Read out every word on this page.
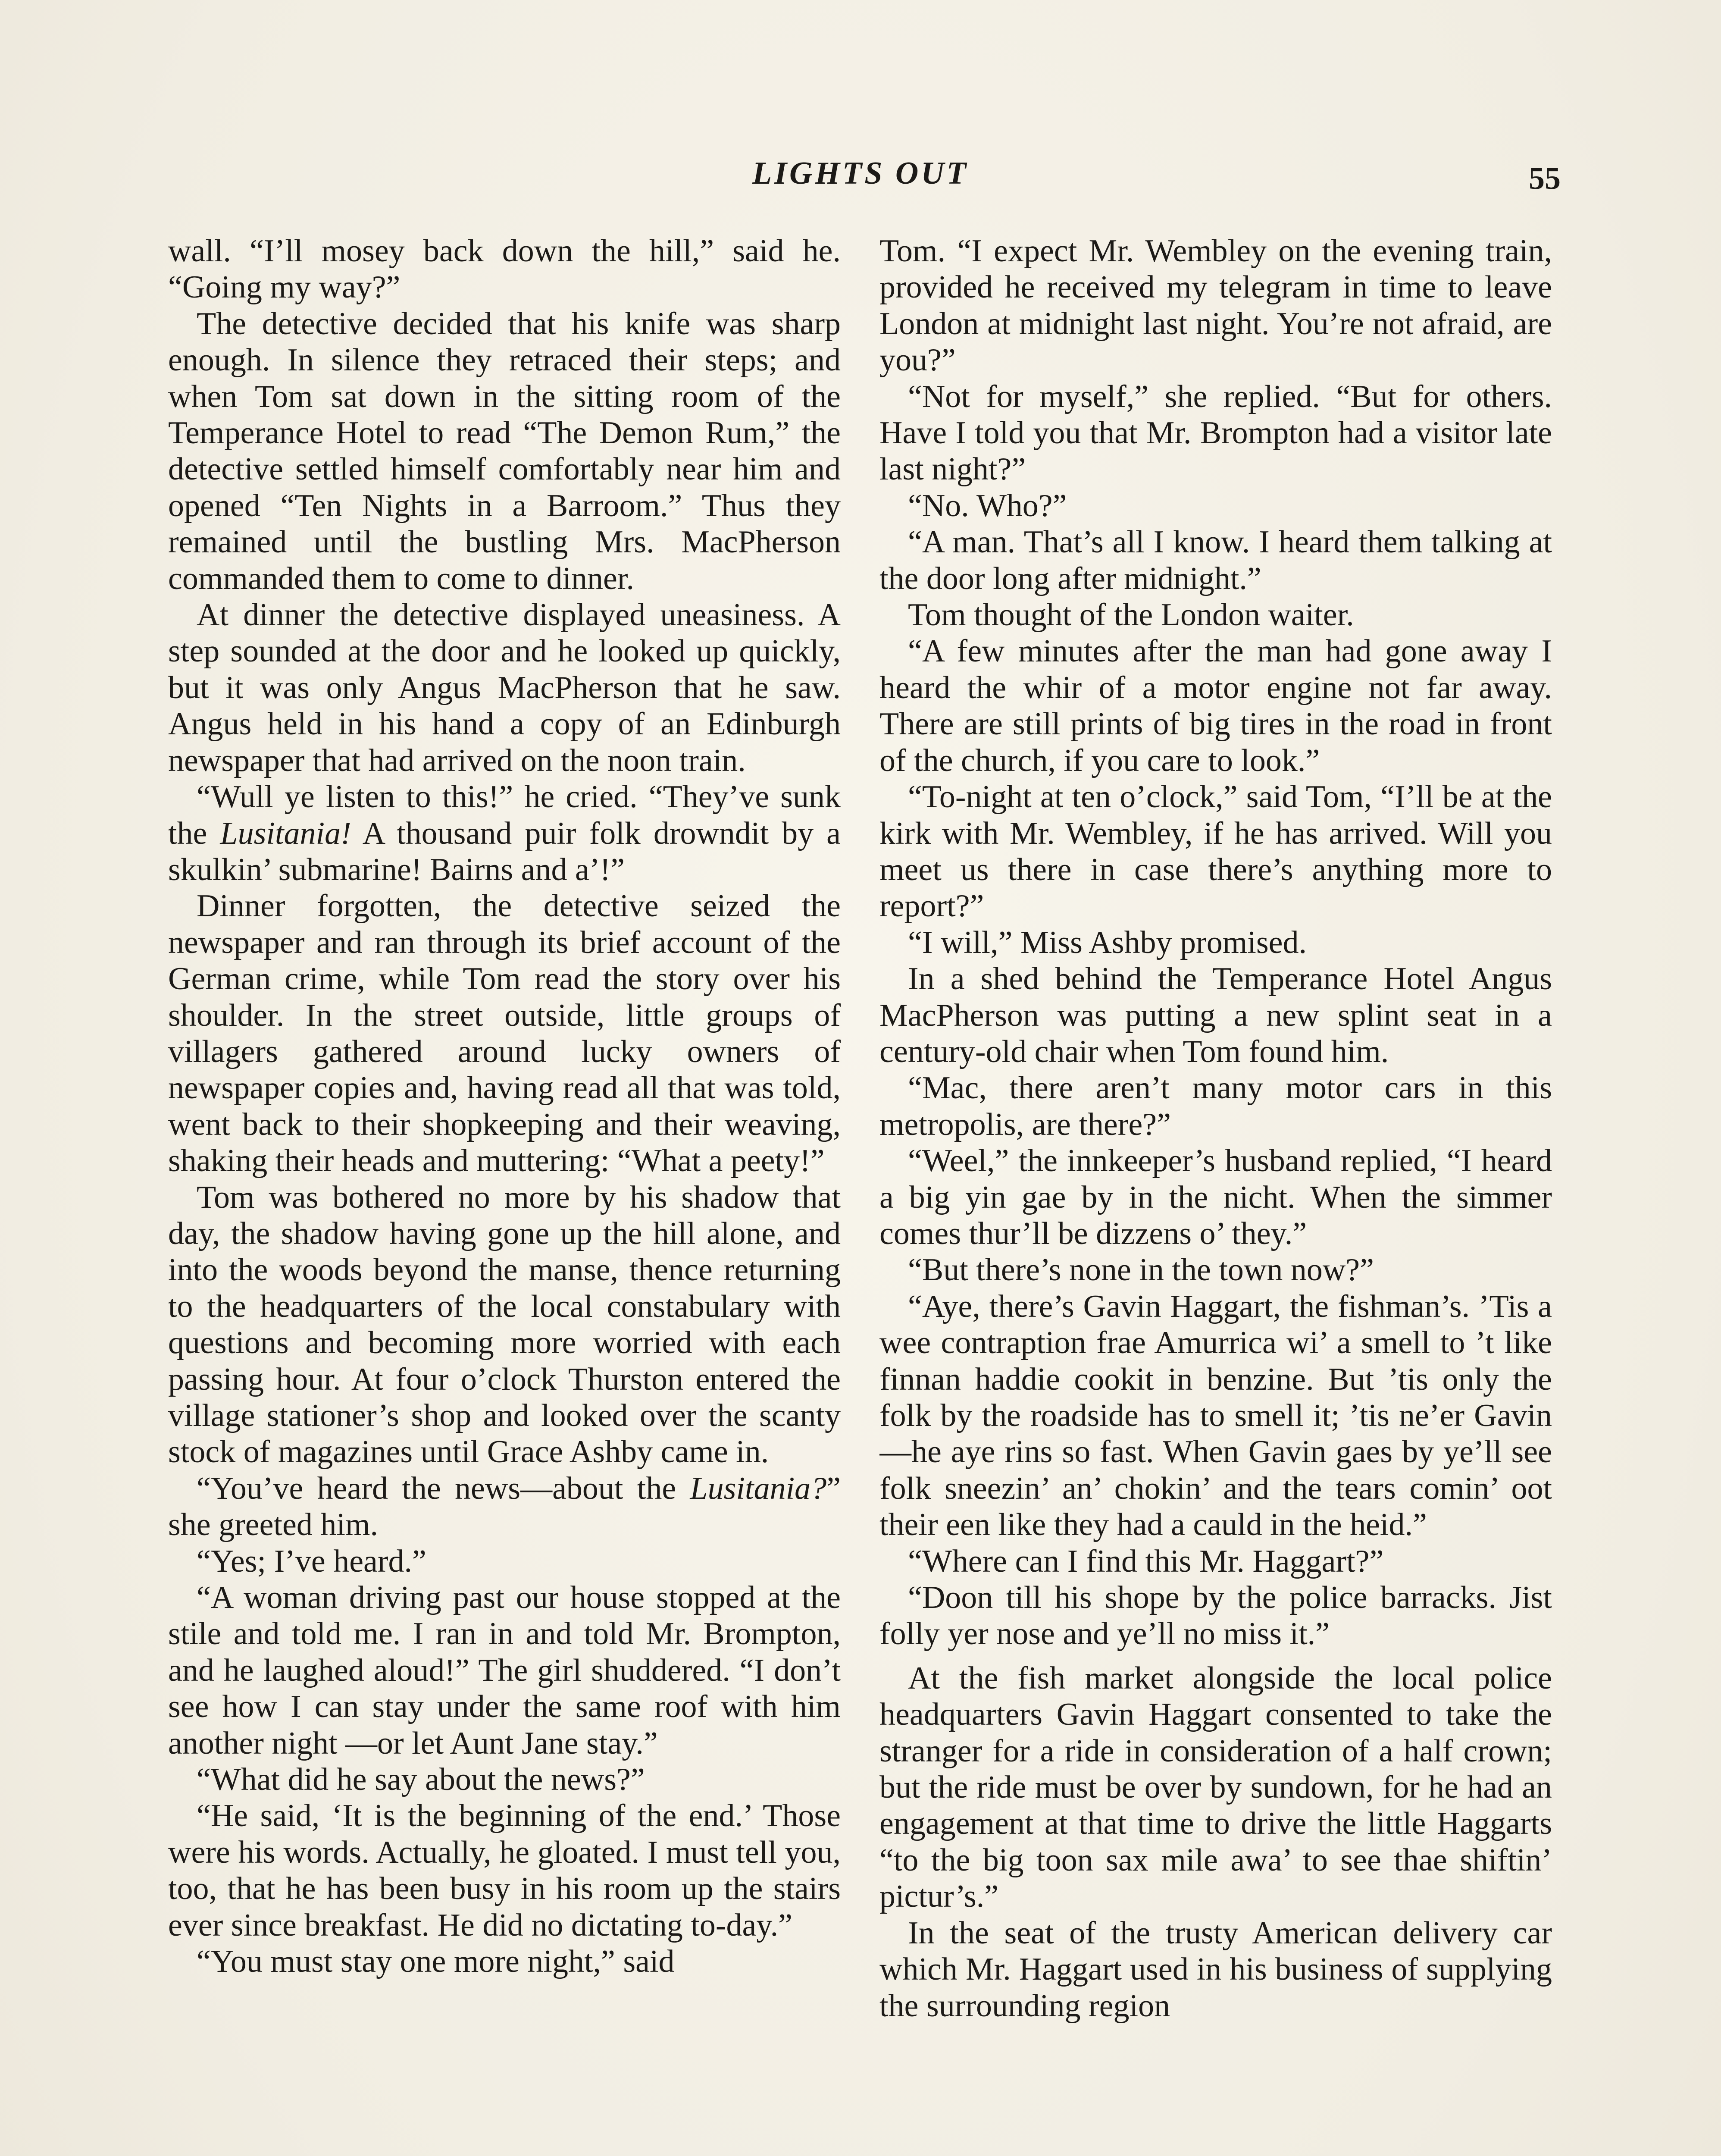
LIGHTS OUT	55

wall. “I’ll mosey back down the hill,” said he. “Going my way?”

The detective decided that his knife was sharp enough. In silence they retraced their steps; and when Tom sat down in the sitting room of the Temperance Hotel to read “The Demon Rum,” the detective settled himself comfortably near him and opened “Ten Nights in a Barroom.” Thus they remained until the bustling Mrs. MacPherson commanded them to come to dinner.

At dinner the detective displayed uneasiness. A step sounded at the door and he looked up quickly, but it was only Angus MacPherson that he saw. Angus held in his hand a copy of an Edinburgh newspaper that had arrived on the noon train.

“Wull ye listen to this!” he cried. “They’ve sunk the Lusitania! A thousand puir folk drowndit by a skulkin’ submarine! Bairns and a’!”

Dinner forgotten, the detective seized the newspaper and ran through its brief account of the German crime, while Tom read the story over his shoulder. In the street outside, little groups of villagers gathered around lucky owners of newspaper copies and, having read all that was told, went back to their shopkeeping and their weaving, shaking their heads and muttering: “What a peety!”

Tom was bothered no more by his shadow that day, the shadow having gone up the hill alone, and into the woods beyond the manse, thence returning to the headquarters of the local constabulary with questions and becoming more worried with each passing hour. At four o’clock Thurston entered the village stationer’s shop and looked over the scanty stock of magazines until Grace Ashby came in.

“You’ve heard the news—about the Lusitania?” she greeted him.

“Yes; I’ve heard.”

“A woman driving past our house stopped at the stile and told me. I ran in and told Mr. Brompton, and he laughed aloud!” The girl shuddered. “I don’t see how I can stay under the same roof with him another night —or let Aunt Jane stay.”

“What did he say about the news?”

“He said, ‘It is the beginning of the end.’ Those were his words. Actually, he gloated. I must tell you, too, that he has been busy in his room up the stairs ever since breakfast. He did no dictating to-day.”

“You must stay one more night,” said

Tom. “I expect Mr. Wembley on the evening train, provided he received my telegram in time to leave London at midnight last night. You’re not afraid, are you?”

“Not for myself,” she replied. “But for others. Have I told you that Mr. Brompton had a visitor late last night?”

“No. Who?”

“A man. That’s all I know. I heard them talking at the door long after midnight.”

Tom thought of the London waiter.

“A few minutes after the man had gone away I heard the whir of a motor engine not far away. There are still prints of big tires in the road in front of the church, if you care to look.”

“To-night at ten o’clock,” said Tom, “I’ll be at the kirk with Mr. Wembley, if he has arrived. Will you meet us there in case there’s anything more to report?”

“I will,” Miss Ashby promised.

In a shed behind the Temperance Hotel Angus MacPherson was putting a new splint seat in a century-old chair when Tom found him.

“Mac, there aren’t many motor cars in this metropolis, are there?”

“Weel,” the innkeeper’s husband replied, “I heard a big yin gae by in the nicht. When the simmer comes thur’ll be dizzens o’ they.”

“But there’s none in the town now?”

“Aye, there’s Gavin Haggart, the fishman’s. ’Tis a wee contraption frae Amurrica wi’ a smell to ’t like finnan haddie cookit in benzine. But ’tis only the folk by the roadside has to smell it; ’tis ne’er Gavin —he aye rins so fast. When Gavin gaes by ye’ll see folk sneezin’ an’ chokin’ and the tears comin’ oot their een like they had a cauld in the heid.”

“Where can I find this Mr. Haggart?”

“Doon till his shope by the police barracks. Jist folly yer nose and ye’ll no miss it.”

At the fish market alongside the local police headquarters Gavin Haggart consented to take the stranger for a ride in consideration of a half crown; but the ride must be over by sundown, for he had an engagement at that time to drive the little Haggarts “to the big toon sax mile awa’ to see thae shiftin’ pictur’s.”

In the seat of the trusty American delivery car which Mr. Haggart used in his business of supplying the surrounding region
